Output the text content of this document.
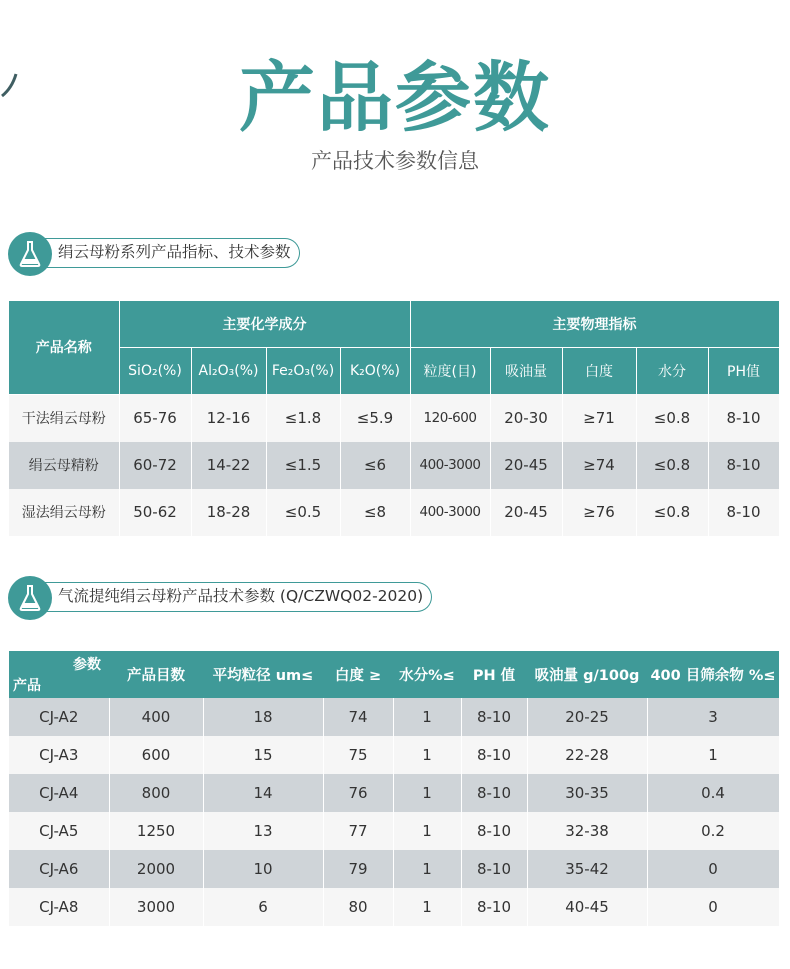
产品参数
产品技术参数信息
绢云母粉系列产品指标、技术参数
产品名称	主要化学成分				主要物理指标				
	SiO₂(%)	Al₂O₃(%)	Fe₂O₃(%)	K₂O(%)	粒度(目)	吸油量	白度	水分	PH值
干法绢云母粉	65-76	12-16	≤1.8	≤5.9	120-600	20-30	≥71	≤0.8	8-10
绢云母精粉	60-72	14-22	≤1.5	≤6	400-3000	20-45	≥74	≤0.8	8-10
湿法绢云母粉	50-62	18-28	≤0.5	≤8	400-3000	20-45	≥76	≤0.8	8-10
气流提纯绢云母粉产品技术参数 (Q/CZWQ02-2020)
参数
产品	产品目数	平均粒径 um≤	白度 ≥	水分%≤	PH 值	吸油量 g/100g	400 目筛余物 %≤
CJ-A2	400	18	74	1	8-10	20-25	3
CJ-A3	600	15	75	1	8-10	22-28	1
CJ-A4	800	14	76	1	8-10	30-35	0.4
CJ-A5	1250	13	77	1	8-10	32-38	0.2
CJ-A6	2000	10	79	1	8-10	35-42	0
CJ-A8	3000	6	80	1	8-10	40-45	0
